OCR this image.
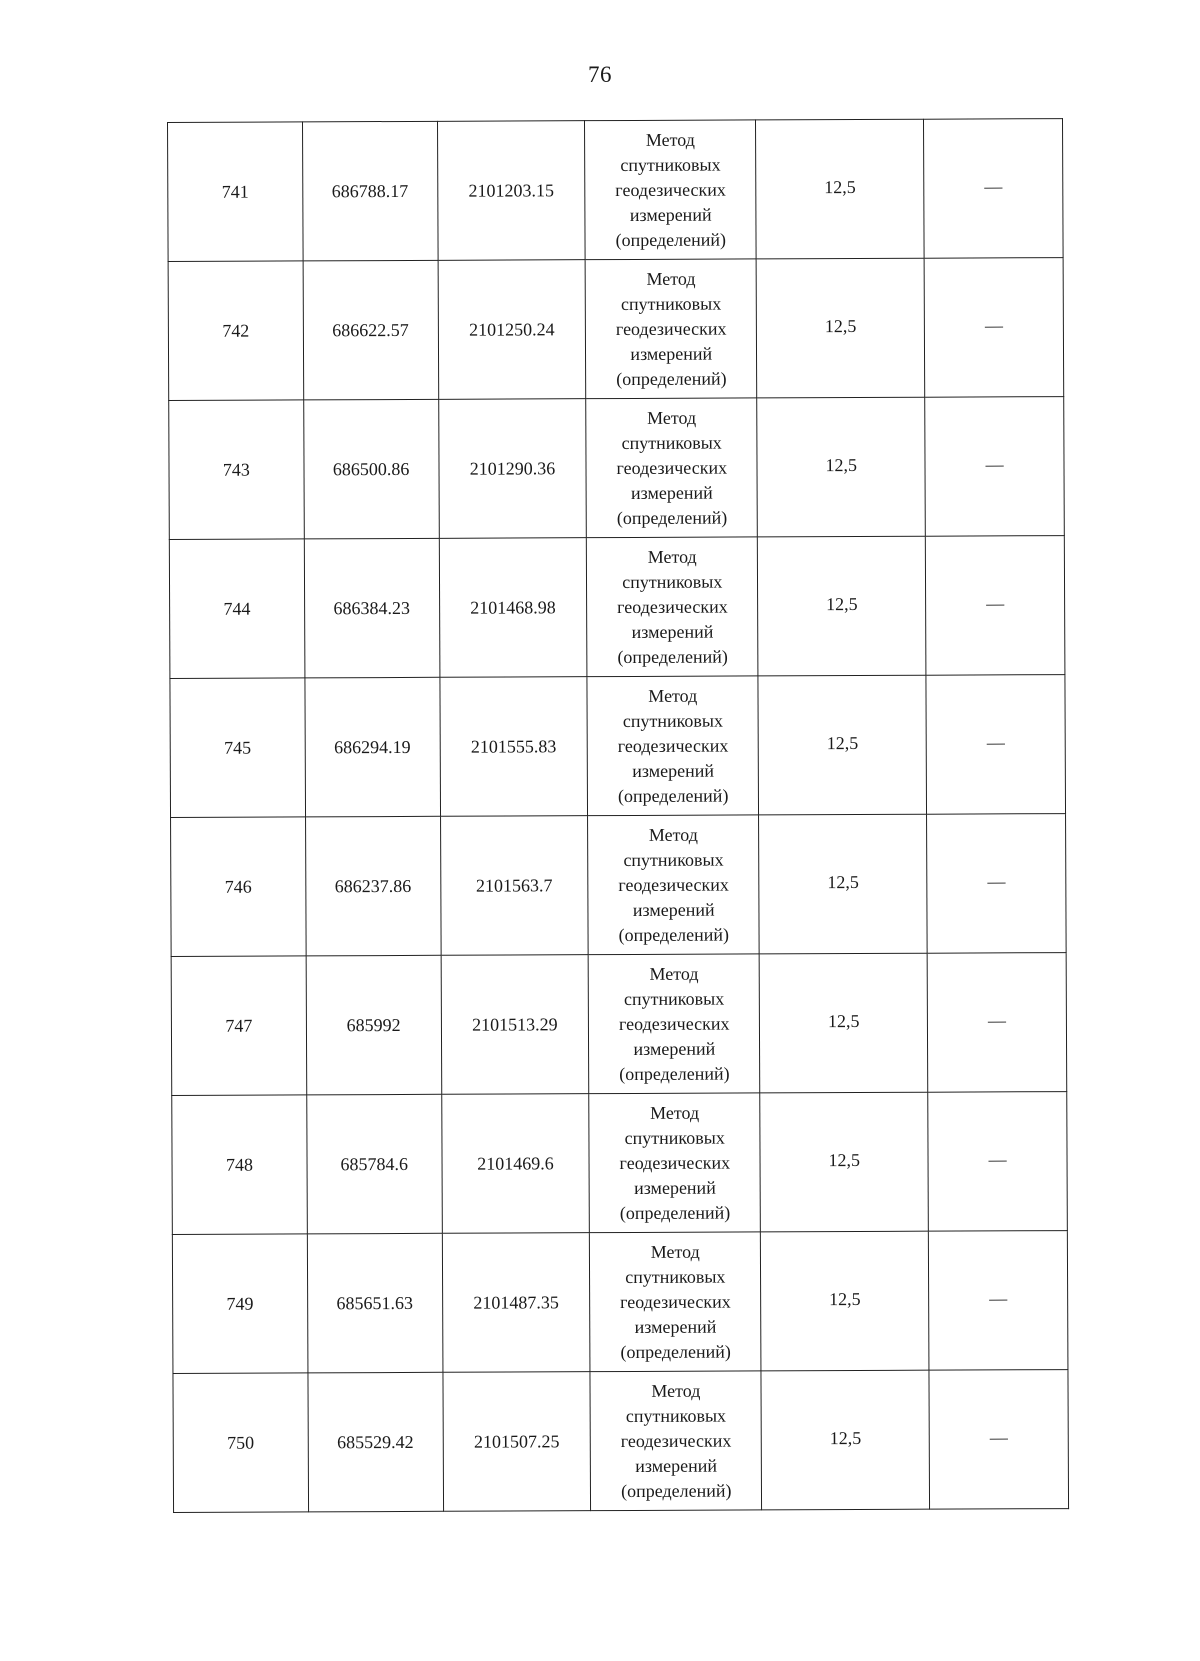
76
741	686788.17	2101203.15	Метод спутниковых геодезических измерений (определений)	12,5	—
742	686622.57	2101250.24	Метод спутниковых геодезических измерений (определений)	12,5	—
743	686500.86	2101290.36	Метод спутниковых геодезических измерений (определений)	12,5	—
744	686384.23	2101468.98	Метод спутниковых геодезических измерений (определений)	12,5	—
745	686294.19	2101555.83	Метод спутниковых геодезических измерений (определений)	12,5	—
746	686237.86	2101563.7	Метод спутниковых геодезических измерений (определений)	12,5	—
747	685992	2101513.29	Метод спутниковых геодезических измерений (определений)	12,5	—
748	685784.6	2101469.6	Метод спутниковых геодезических измерений (определений)	12,5	—
749	685651.63	2101487.35	Метод спутниковых геодезических измерений (определений)	12,5	—
750	685529.42	2101507.25	Метод спутниковых геодезических измерений (определений)	12,5	—
